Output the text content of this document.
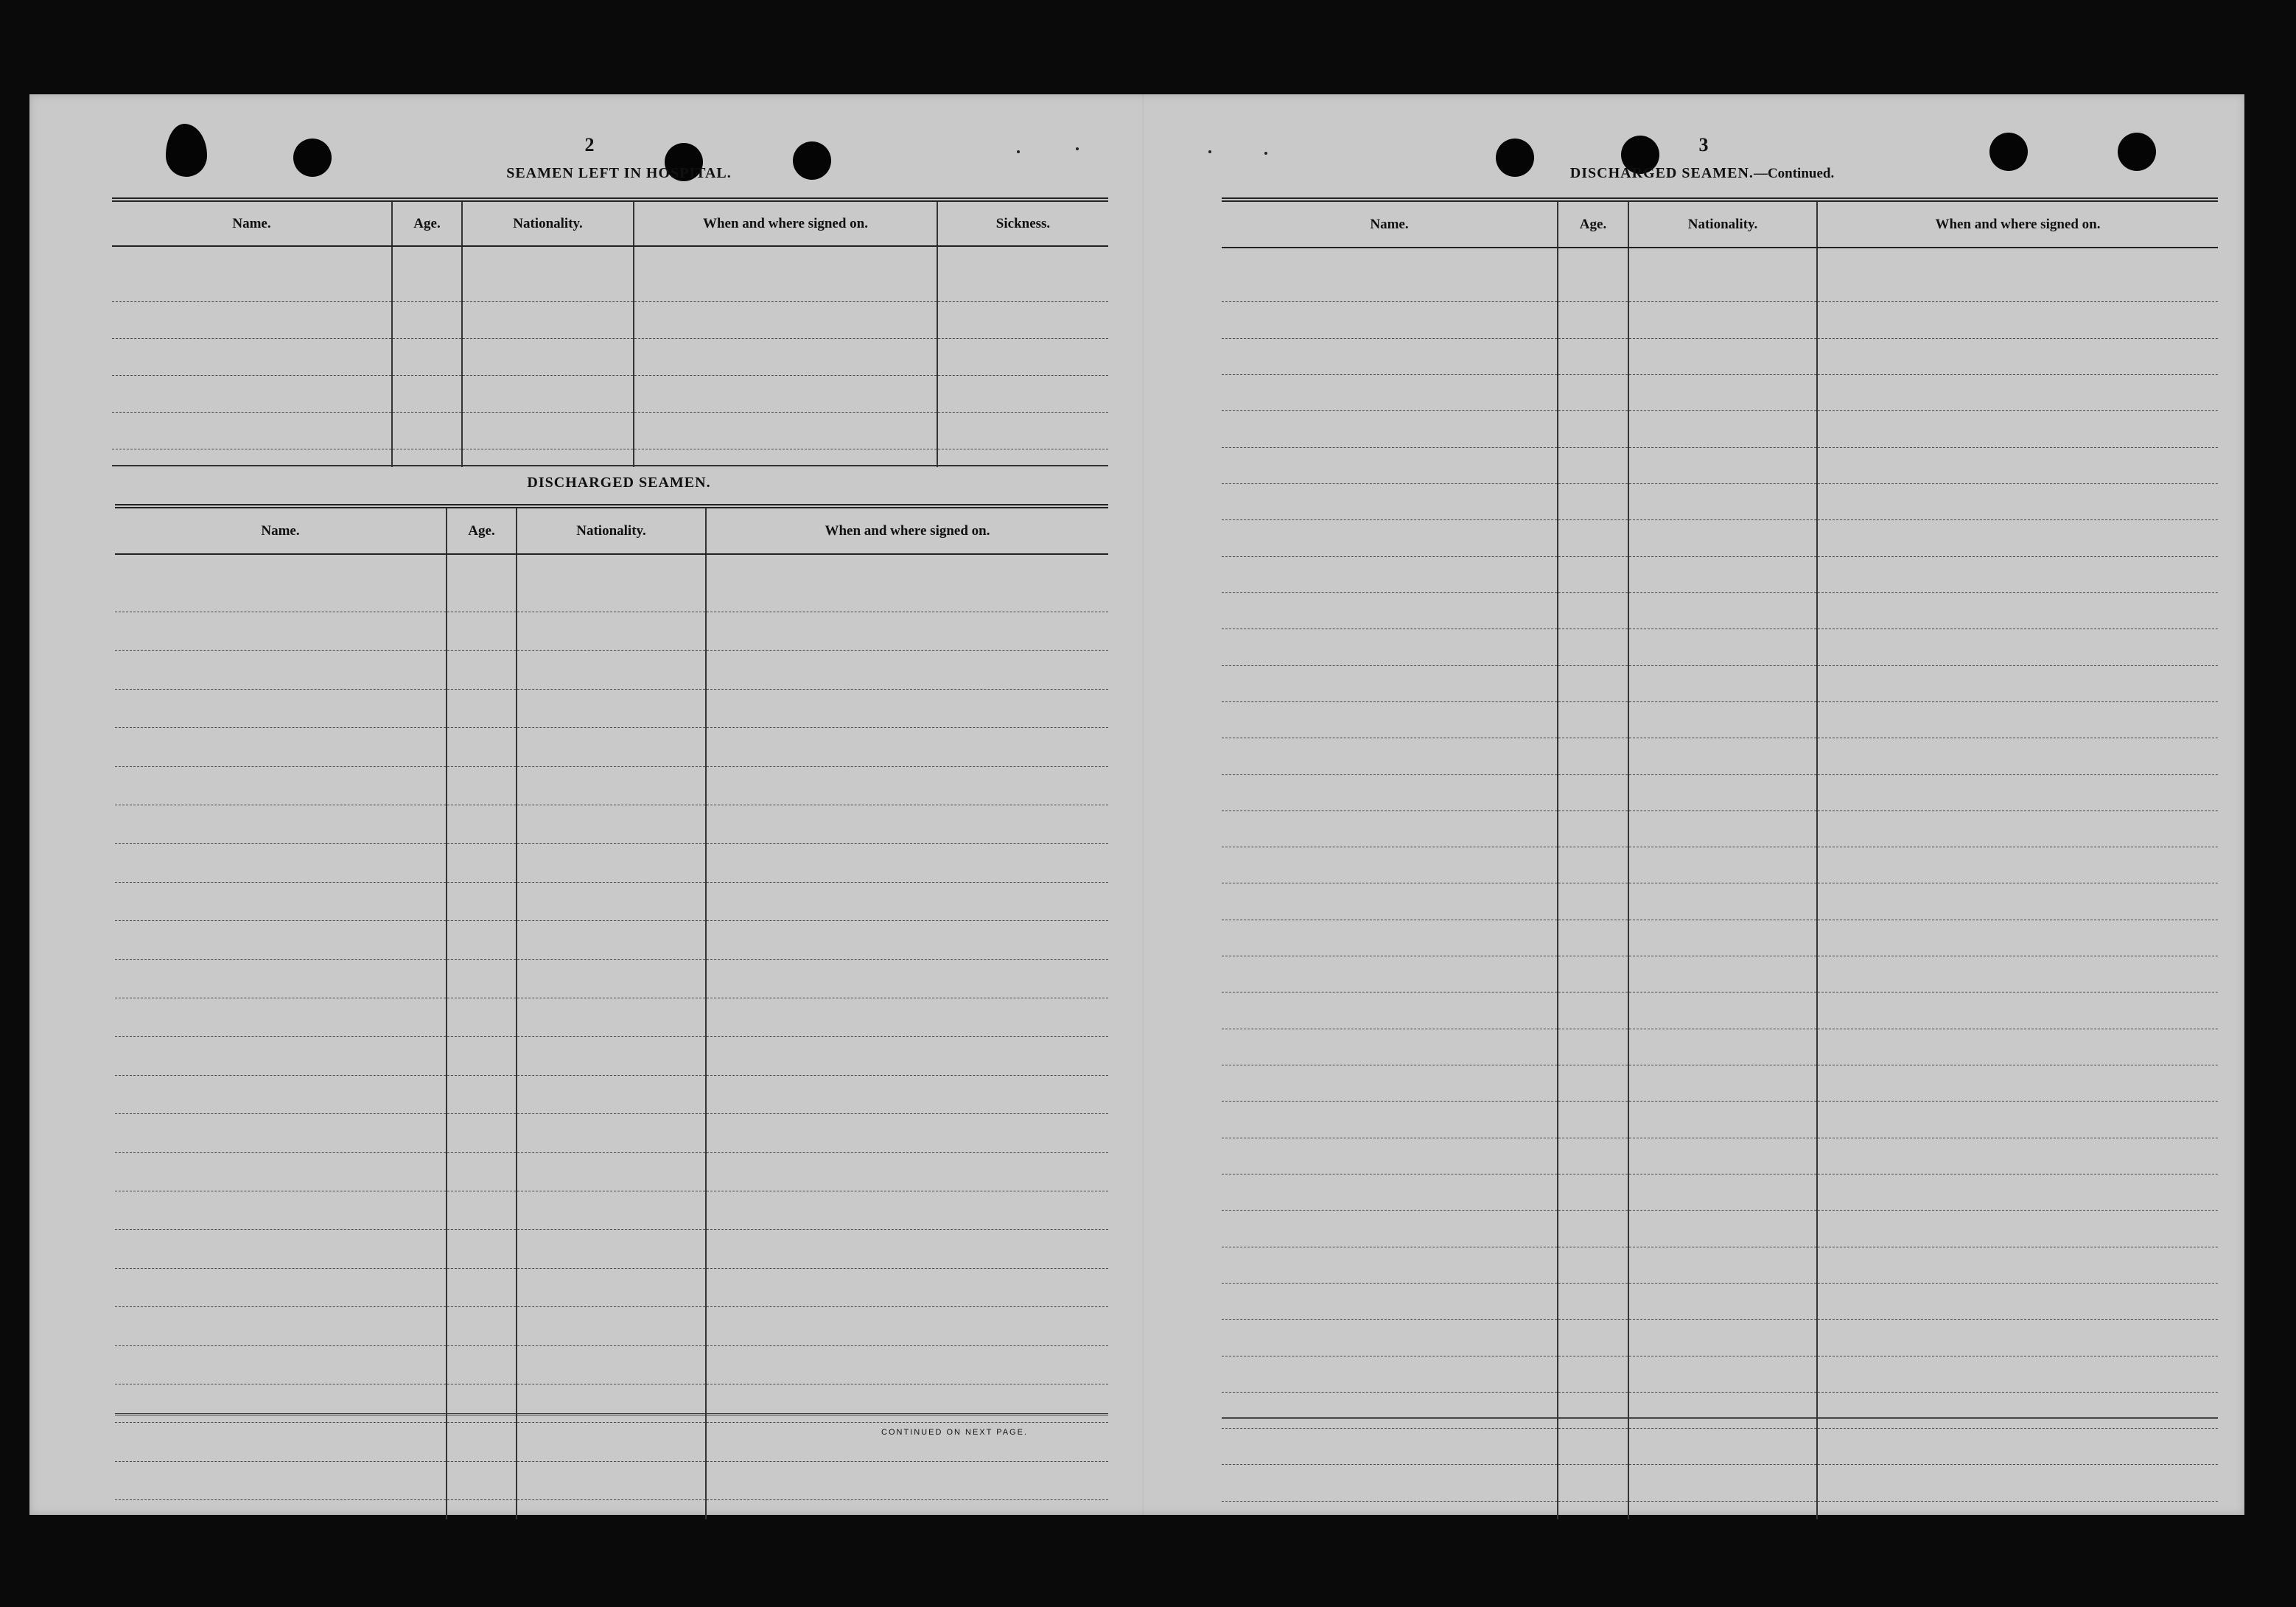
2
SEAMEN LEFT IN HOSPITAL.
Name.	Age.	Nationality.	When and where signed on.	Sickness.

DISCHARGED SEAMEN.
Name.	Age.	Nationality.	When and where signed on.

CONTINUED ON NEXT PAGE.
3
DISCHARGED SEAMEN.—Continued.
Name.	Age.	Nationality.	When and where signed on.
